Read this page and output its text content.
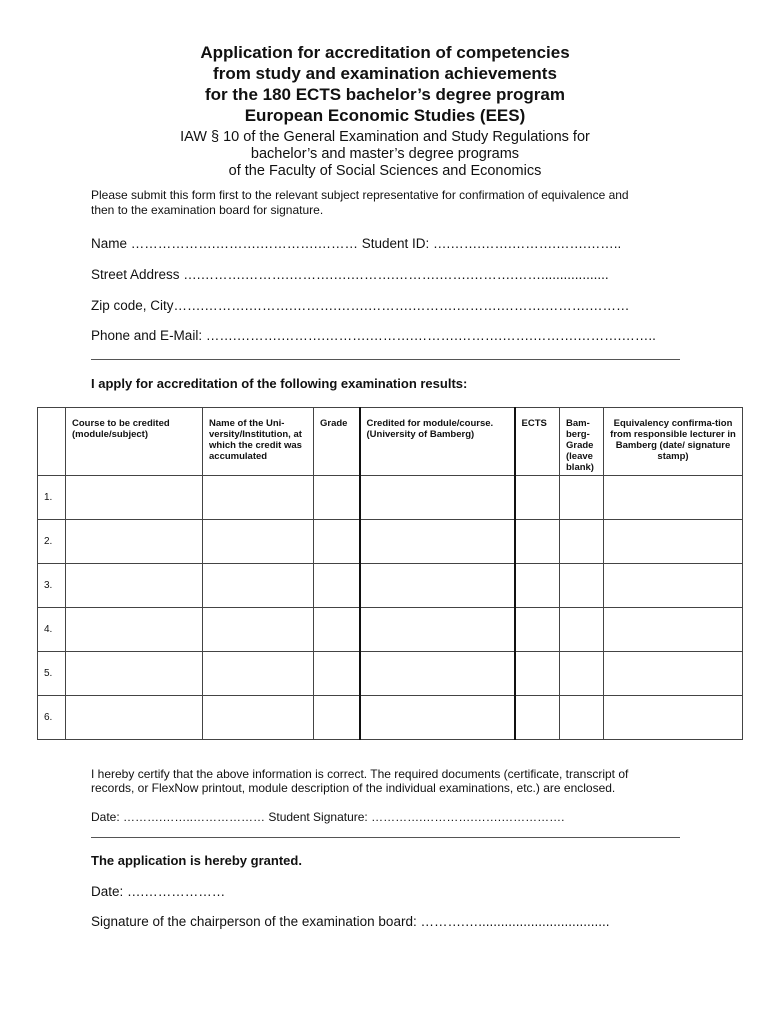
Application for accreditation of competencies
from study and examination achievements
for the 180 ECTS bachelor’s degree program
European Economic Studies (EES)
IAW § 10 of the General Examination and Study Regulations for
bachelor’s and master’s degree programs
of the Faculty of Social Sciences and Economics
Please submit this form first to the relevant subject representative for confirmation of equivalence and
then to the examination board for signature.
Name ……………….……….………….……… Student ID: ….…….…….……….…….……..
Street Address ….……….……….……….….……….……….…….……….……..................
Zip code, City…….……….……….……….…….……….……….……….……….……….………
Phone and E-Mail: …….……….……….……….……….……….……….…….……….……….……..
I apply for accreditation of the following examination results:
	Course to be credited (module/subject)	Name of the Uni-versity/Institution, at which the credit was accumulated	Grade	Credited for module/course. (University of Bamberg)	ECTS	Bam-berg-Grade (leave blank)	Equivalency confirma-tion from responsible lecturer in Bamberg (date/ signature stamp)
1.							
2.							
3.							
4.							
5.							
6.							
I hereby certify that the above information is correct. The required documents (certificate, transcript of
records, or FlexNow printout, module description of the individual examinations, etc.) are enclosed.
Date: ……….……..……………… Student Signature: ………….………….…….…………….
The application is hereby granted.
Date: ….………………
Signature of the chairperson of the examination board: ……….…...................................
